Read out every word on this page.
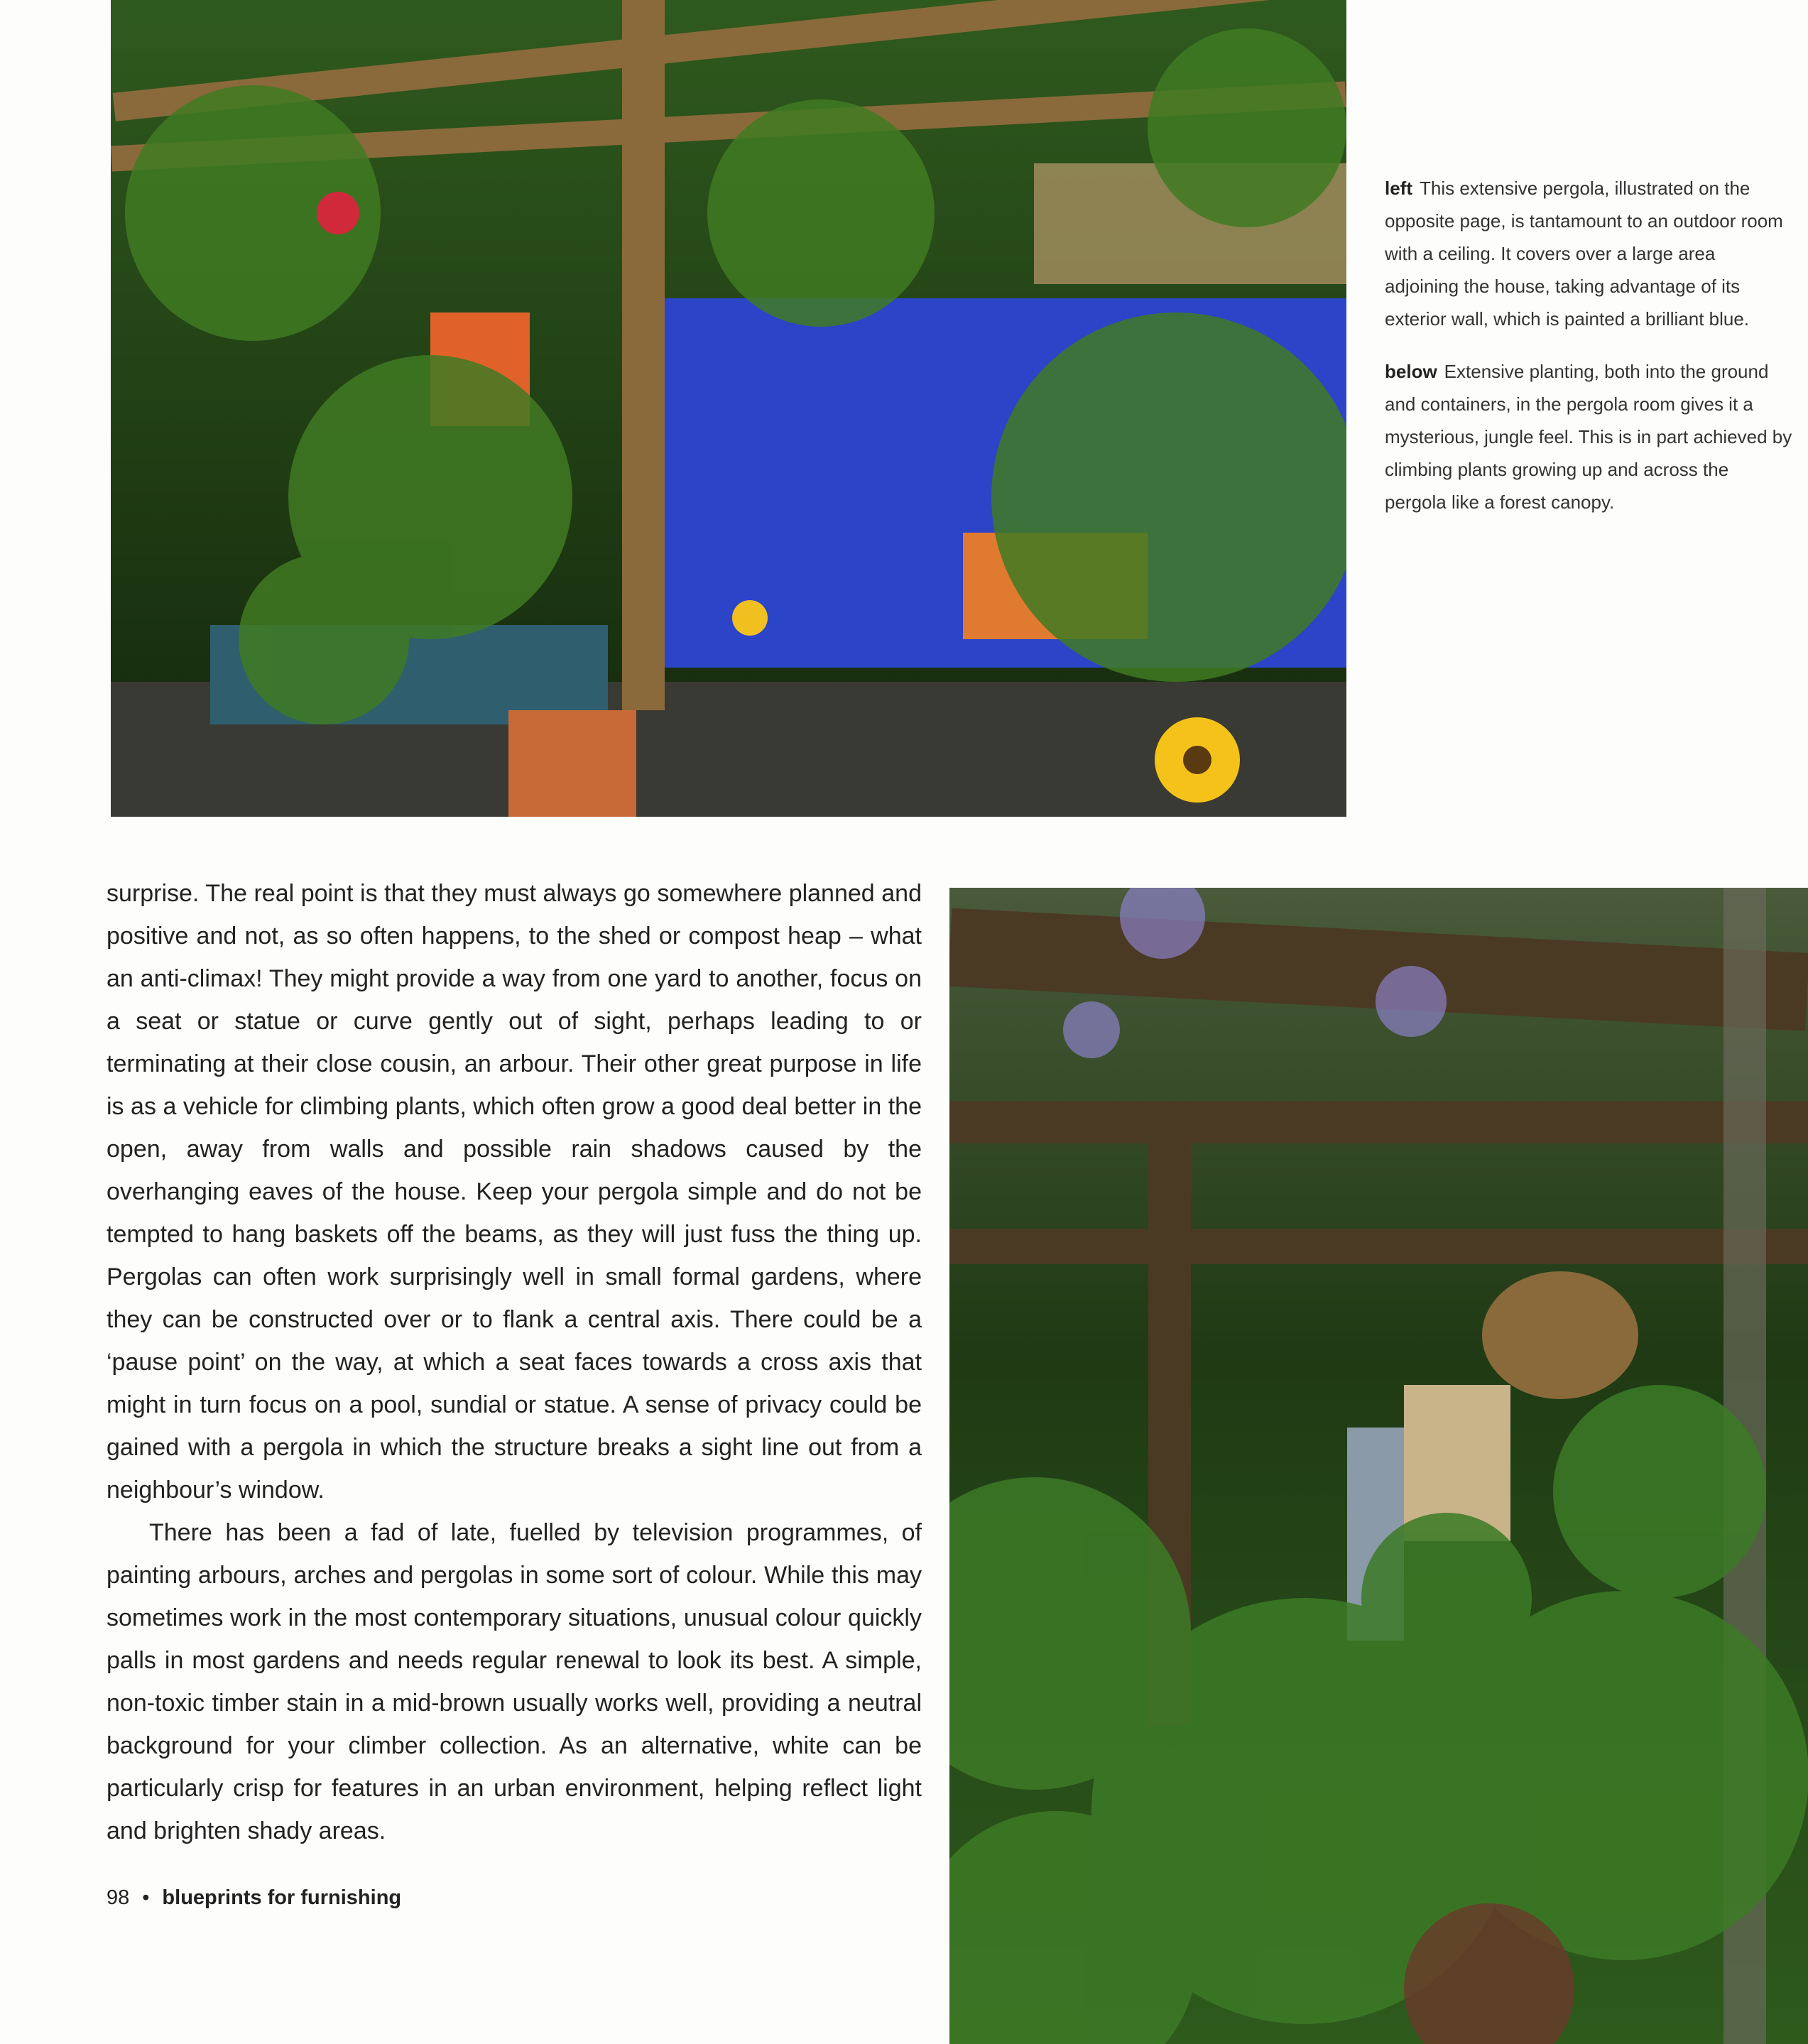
left This extensive pergola, illustrated on the opposite page, is tantamount to an outdoor room with a ceiling. It covers over a large area adjoining the house, taking advantage of its exterior wall, which is painted a brilliant blue.
below Extensive planting, both into the ground and containers, in the pergola room gives it a mysterious, jungle feel. This is in part achieved by climbing plants growing up and across the pergola like a forest canopy.

surprise. The real point is that they must always go somewhere planned and positive and not, as so often happens, to the shed or compost heap – what an anti-climax! They might provide a way from one yard to another, focus on a seat or statue or curve gently out of sight, perhaps leading to or terminating at their close cousin, an arbour. Their other great purpose in life is as a vehicle for climbing plants, which often grow a good deal better in the open, away from walls and possible rain shadows caused by the overhanging eaves of the house. Keep your pergola simple and do not be tempted to hang baskets off the beams, as they will just fuss the thing up. Pergolas can often work surprisingly well in small formal gardens, where they can be constructed over or to flank a central axis. There could be a ‘pause point’ on the way, at which a seat faces towards a cross axis that might in turn focus on a pool, sundial or statue. A sense of privacy could be gained with a pergola in which the structure breaks a sight line out from a neighbour’s window.

There has been a fad of late, fuelled by television programmes, of painting arbours, arches and pergolas in some sort of colour. While this may sometimes work in the most contemporary situations, unusual colour quickly palls in most gardens and needs regular renewal to look its best. A simple, non-toxic timber stain in a mid-brown usually works well, providing a neutral background for your climber collection. As an alternative, white can be particularly crisp for features in an urban environment, helping reflect light and brighten shady areas.

98 • blueprints for furnishing
